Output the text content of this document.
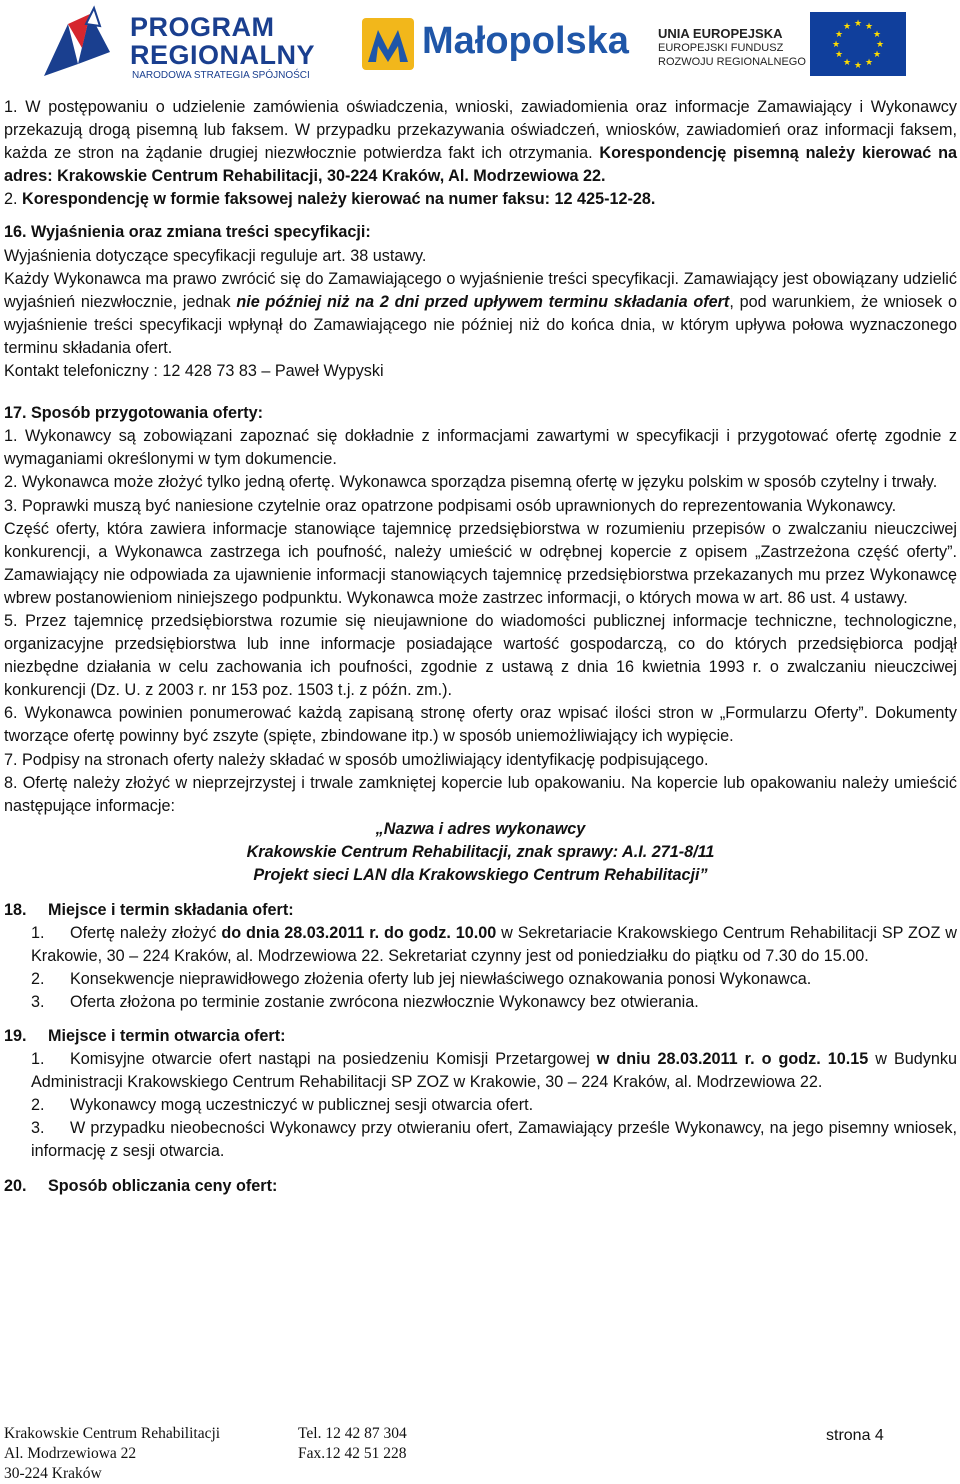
PROGRAM
REGIONALNY
NARODOWA STRATEGIA SPÓJNOŚCI
Małopolska UNIA EUROPEJSKA
EUROPEJSKI FUNDUSZ
ROZWOJU REGIONALNEGO
★ ★
★
★
★
★
★
★
★
★
★
★

1. W postępowaniu o udzielenie zamówienia oświadczenia, wnioski, zawiadomienia oraz informacje Zamawiający i Wykonawcy przekazują drogą pisemną lub faksem. W przypadku przekazywania oświadczeń, wniosków, zawiadomień oraz informacji faksem, każda ze stron na żądanie drugiej niezwłocznie potwierdza fakt ich otrzymania. Korespondencję pisemną należy kierować na adres: Krakowskie Centrum Rehabilitacji, 30-224 Kraków, Al. Modrzewiowa 22.

2. Korespondencję w formie faksowej należy kierować na numer faksu: 12 425-12-28.

16. Wyjaśnienia oraz zmiana treści specyfikacji:

Wyjaśnienia dotyczące specyfikacji reguluje art. 38 ustawy.

Każdy Wykonawca ma prawo zwrócić się do Zamawiającego o wyjaśnienie treści specyfikacji. Zamawiający jest obowiązany udzielić wyjaśnień niezwłocznie, jednak nie później niż na 2 dni przed upływem terminu składania ofert, pod warunkiem, że wniosek o wyjaśnienie treści specyfikacji wpłynął do Zamawiającego nie później niż do końca dnia, w którym upływa połowa wyznaczonego terminu składania ofert.

Kontakt telefoniczny : 12 428 73 83 – Paweł Wypyski

17. Sposób przygotowania oferty:

1. Wykonawcy są zobowiązani zapoznać się dokładnie z informacjami zawartymi w specyfikacji i przygotować ofertę zgodnie z wymaganiami określonymi w tym dokumencie.

2. Wykonawca może złożyć tylko jedną ofertę. Wykonawca sporządza pisemną ofertę w języku polskim w sposób czytelny i trwały.

3. Poprawki muszą być naniesione czytelnie oraz opatrzone podpisami osób uprawnionych do reprezentowania Wykonawcy.

Część oferty, która zawiera informacje stanowiące tajemnicę przedsiębiorstwa w rozumieniu przepisów o zwalczaniu nieuczciwej konkurencji, a Wykonawca zastrzega ich poufność, należy umieścić w odrębnej kopercie z opisem „Zastrzeżona część oferty”. Zamawiający nie odpowiada za ujawnienie informacji stanowiących tajemnicę przedsiębiorstwa przekazanych mu przez Wykonawcę wbrew postanowieniom niniejszego podpunktu. Wykonawca może zastrzec informacji, o których mowa w art. 86 ust. 4 ustawy.

5. Przez tajemnicę przedsiębiorstwa rozumie się nieujawnione do wiadomości publicznej informacje techniczne, technologiczne, organizacyjne przedsiębiorstwa lub inne informacje posiadające wartość gospodarczą, co do których przedsiębiorca podjął niezbędne działania w celu zachowania ich poufności, zgodnie z ustawą z dnia 16 kwietnia 1993 r. o zwalczaniu nieuczciwej konkurencji (Dz. U. z 2003 r. nr 153 poz. 1503 t.j. z późn. zm.).

6. Wykonawca powinien ponumerować każdą zapisaną stronę oferty oraz wpisać ilości stron w „Formularzu Oferty”. Dokumenty tworzące ofertę powinny być zszyte (spięte, zbindowane itp.) w sposób uniemożliwiający ich wypięcie.

7. Podpisy na stronach oferty należy składać w sposób umożliwiający identyfikację podpisującego.

8. Ofertę należy złożyć w nieprzejrzystej i trwale zamkniętej kopercie lub opakowaniu. Na kopercie lub opakowaniu należy umieścić następujące informacje:

„Nazwa i adres wykonawcy

Krakowskie Centrum Rehabilitacji, znak sprawy: A.I. 271-8/11

Projekt sieci LAN dla Krakowskiego Centrum Rehabilitacji”

18. Miejsce i termin składania ofert:

1. Ofertę należy złożyć do dnia 28.03.2011 r. do godz. 10.00 w Sekretariacie Krakowskiego Centrum Rehabilitacji SP ZOZ w Krakowie, 30 – 224 Kraków, al. Modrzewiowa 22. Sekretariat czynny jest od poniedziałku do piątku od 7.30 do 15.00.

2. Konsekwencje nieprawidłowego złożenia oferty lub jej niewłaściwego oznakowania ponosi Wykonawca.

3. Oferta złożona po terminie zostanie zwrócona niezwłocznie Wykonawcy bez otwierania.

19. Miejsce i termin otwarcia ofert:

1. Komisyjne otwarcie ofert nastąpi na posiedzeniu Komisji Przetargowej w dniu 28.03.2011 r. o godz. 10.15 w Budynku Administracji Krakowskiego Centrum Rehabilitacji SP ZOZ w Krakowie, 30 – 224 Kraków, al. Modrzewiowa 22.

2. Wykonawcy mogą uczestniczyć w publicznej sesji otwarcia ofert.

3. W przypadku nieobecności Wykonawcy przy otwieraniu ofert, Zamawiający prześle Wykonawcy, na jego pisemny wniosek, informację z sesji otwarcia.

20. Sposób obliczania ceny ofert:

Krakowskie Centrum Rehabilitacji
Al. Modrzewiowa 22
30-224 Kraków
Tel. 12 42 87 304
Fax.12 42 51 228
strona 4
